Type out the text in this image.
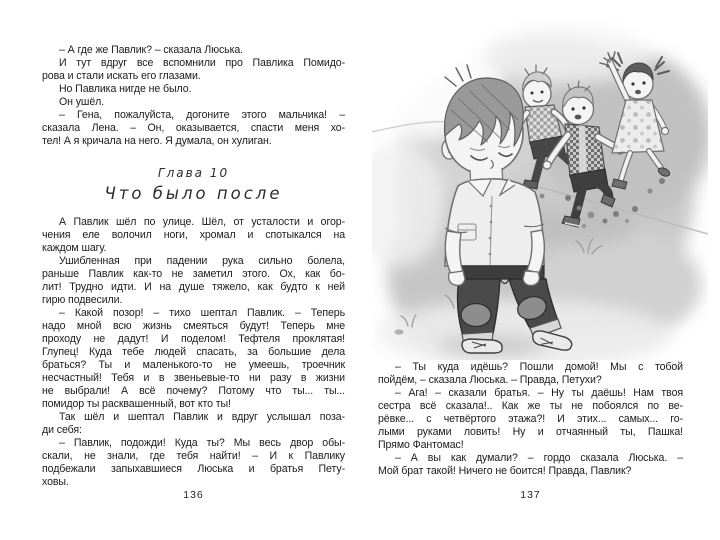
– А где же Павлик? – сказала Люська.
И тут вдруг все вспомнили про Павлика Помидо-
рова и стали искать его глазами.
Но Павлика нигде не было.
Он ушёл.
– Гена, пожалуйста, догоните этого мальчика! –
сказала Лена. – Он, оказывается, спасти меня хо-
тел! А я кричала на него. Я думала, он хулиган.
Глава 10
Что было после
А Павлик шёл по улице. Шёл, от усталости и огор-
чения еле волочил ноги, хромал и спотыкался на
каждом шагу.
Ушибленная при падении рука сильно болела,
раньше Павлик как-то не заметил этого. Ох, как бо-
лит! Трудно идти. И на душе тяжело, как будто к ней
гирю подвесили.
– Какой позор! – тихо шептал Павлик. – Теперь
надо мной всю жизнь смеяться будут! Теперь мне
проходу не дадут! И поделом! Тефтеля проклятая!
Глупец! Куда тебе людей спасать, за большие дела
браться? Ты и маленького-то не умеешь, троечник
несчастный! Тебя и в звеньевые-то ни разу в жизни
не выбрали! А всё почему? Потому что ты... ты...
помидор ты расквашенный, вот кто ты!
Так шёл и шептал Павлик и вдруг услышал поза-
ди себя:
– Павлик, подожди! Куда ты? Мы весь двор обы-
скали, не знали, где тебя найти! – И к Павлику
подбежали запыхавшиеся Люська и братья Пету-
ховы.
136
– Ты куда идёшь? Пошли домой! Мы с тобой
пойдём, – сказала Люська. – Правда, Петухи?
– Ага! – сказали братья. – Ну ты даёшь! Нам твоя
сестра всё сказала!.. Как же ты не побоялся по ве-
рёвке... с четвёртого этажа?! И этих... самых... го-
лыми руками ловить! Ну и отчаянный ты, Пашка!
Прямо Фантомас!
– А вы как думали? – гордо сказала Люська. –
Мой брат такой! Ничего не боится! Правда, Павлик?
137
